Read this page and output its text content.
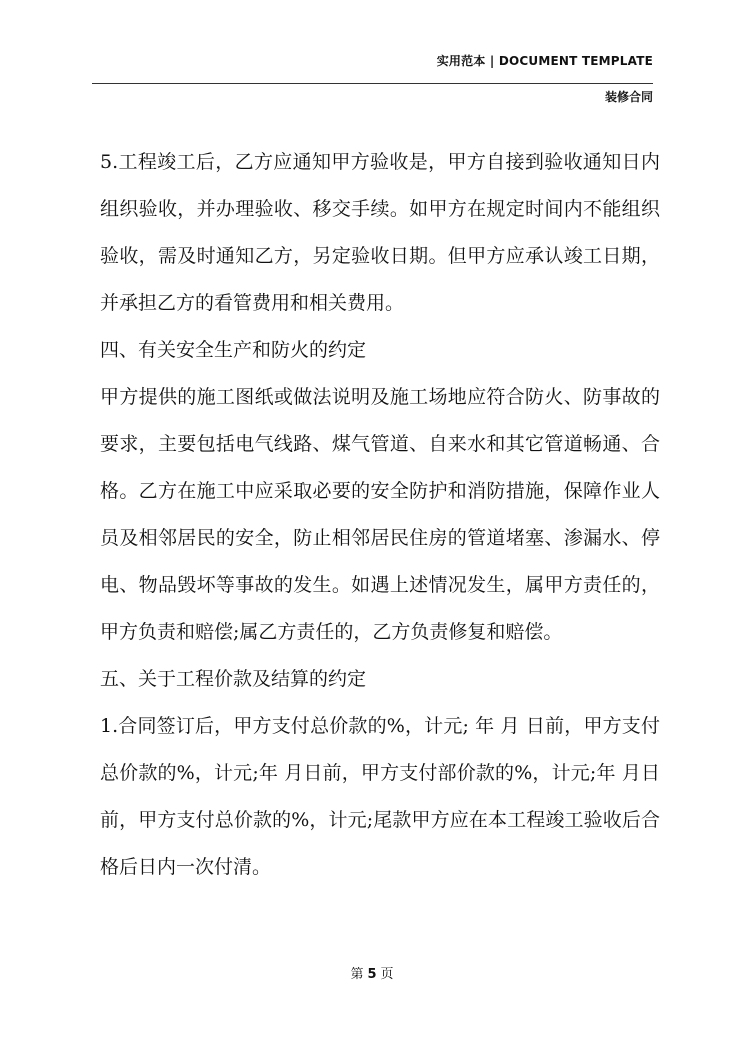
实用范本 | DOCUMENT TEMPLATE
装修合同

5.工程竣工后，乙方应通知甲方验收是，甲方自接到验收通知日内组织验收，并办理验收、移交手续。如甲方在规定时间内不能组织验收，需及时通知乙方，另定验收日期。但甲方应承认竣工日期，并承担乙方的看管费用和相关费用。

四、有关安全生产和防火的约定

甲方提供的施工图纸或做法说明及施工场地应符合防火、防事故的要求，主要包括电气线路、煤气管道、自来水和其它管道畅通、合格。乙方在施工中应采取必要的安全防护和消防措施，保障作业人员及相邻居民的安全，防止相邻居民住房的管道堵塞、渗漏水、停电、物品毁坏等事故的发生。如遇上述情况发生，属甲方责任的，甲方负责和赔偿;属乙方责任的，乙方负责修复和赔偿。

五、关于工程价款及结算的约定

1.合同签订后，甲方支付总价款的%，计元; 年 月 日前，甲方支付总价款的%，计元;年 月日前，甲方支付部价款的%，计元;年 月日前，甲方支付总价款的%，计元;尾款甲方应在本工程竣工验收后合格后日内一次付清。

第 5 页
